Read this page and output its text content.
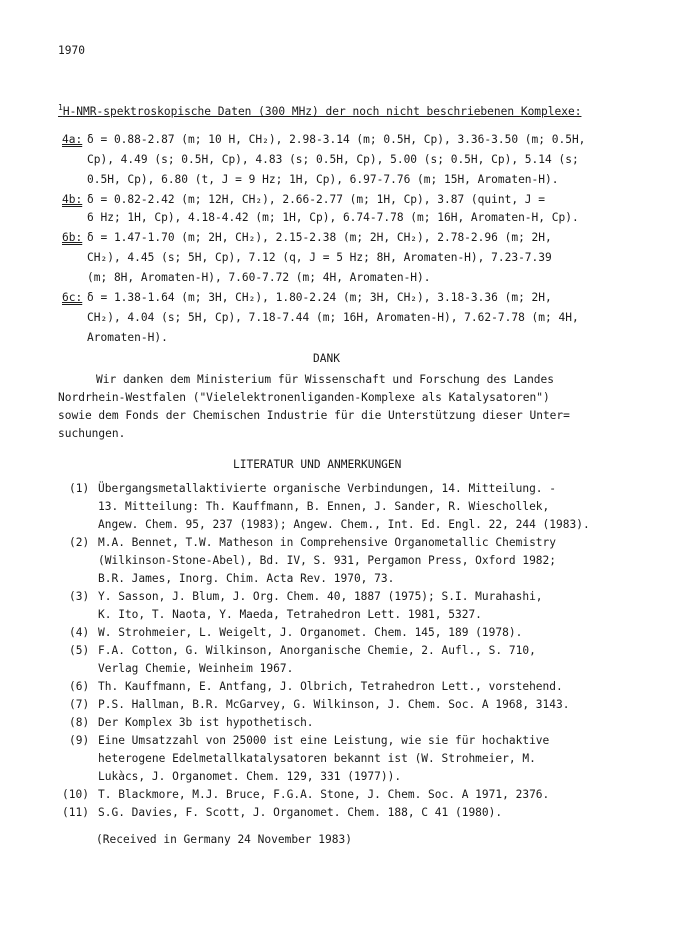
1970
$^1$H-NMR-spektroskopische Daten (300 MHz) der noch nicht beschriebenen Komplexe:
4a: δ = 0.88-2.87 (m; 10 H, CH₂), 2.98-3.14 (m; 0.5H, Cp), 3.36-3.50 (m; 0.5H,
Cp), 4.49 (s; 0.5H, Cp), 4.83 (s; 0.5H, Cp), 5.00 (s; 0.5H, Cp), 5.14 (s;
0.5H, Cp), 6.80 (t, J = 9 Hz; 1H, Cp), 6.97-7.76 (m; 15H, Aromaten-H).
4b: δ = 0.82-2.42 (m; 12H, CH₂), 2.66-2.77 (m; 1H, Cp), 3.87 (quint, J =
6 Hz; 1H, Cp), 4.18-4.42 (m; 1H, Cp), 6.74-7.78 (m; 16H, Aromaten-H, Cp).
6b: δ = 1.47-1.70 (m; 2H, CH₂), 2.15-2.38 (m; 2H, CH₂), 2.78-2.96 (m; 2H,
CH₂), 4.45 (s; 5H, Cp), 7.12 (q, J = 5 Hz; 8H, Aromaten-H), 7.23-7.39
(m; 8H, Aromaten-H), 7.60-7.72 (m; 4H, Aromaten-H).
6c: δ = 1.38-1.64 (m; 3H, CH₂), 1.80-2.24 (m; 3H, CH₂), 3.18-3.36 (m; 2H,
CH₂), 4.04 (s; 5H, Cp), 7.18-7.44 (m; 16H, Aromaten-H), 7.62-7.78 (m; 4H,
Aromaten-H).
DANK
Wir danken dem Ministerium für Wissenschaft und Forschung des Landes
Nordrhein-Westfalen ("Vielelektronenliganden-Komplexe als Katalysatoren")
sowie dem Fonds der Chemischen Industrie für die Unterstützung dieser Unter=
suchungen.
LITERATUR UND ANMERKUNGEN
(1) Übergangsmetallaktivierte organische Verbindungen, 14. Mitteilung. -
13. Mitteilung: Th. Kauffmann, B. Ennen, J. Sander, R. Wieschollek,
Angew. Chem. 95, 237 (1983); Angew. Chem., Int. Ed. Engl. 22, 244 (1983).
(2) M.A. Bennet, T.W. Matheson in Comprehensive Organometallic Chemistry
(Wilkinson-Stone-Abel), Bd. IV, S. 931, Pergamon Press, Oxford 1982;
B.R. James, Inorg. Chim. Acta Rev. 1970, 73.
(3) Y. Sasson, J. Blum, J. Org. Chem. 40, 1887 (1975); S.I. Murahashi,
K. Ito, T. Naota, Y. Maeda, Tetrahedron Lett. 1981, 5327.
(4) W. Strohmeier, L. Weigelt, J. Organomet. Chem. 145, 189 (1978).
(5) F.A. Cotton, G. Wilkinson, Anorganische Chemie, 2. Aufl., S. 710,
Verlag Chemie, Weinheim 1967.
(6) Th. Kauffmann, E. Antfang, J. Olbrich, Tetrahedron Lett., vorstehend.
(7) P.S. Hallman, B.R. McGarvey, G. Wilkinson, J. Chem. Soc. A 1968, 3143.
(8) Der Komplex 3b ist hypothetisch.
(9) Eine Umsatzzahl von 25000 ist eine Leistung, wie sie für hochaktive
heterogene Edelmetallkatalysatoren bekannt ist (W. Strohmeier, M.
Lukàcs, J. Organomet. Chem. 129, 331 (1977)).
(10) T. Blackmore, M.J. Bruce, F.G.A. Stone, J. Chem. Soc. A 1971, 2376.
(11) S.G. Davies, F. Scott, J. Organomet. Chem. 188, C 41 (1980).
(Received in Germany 24 November 1983)
